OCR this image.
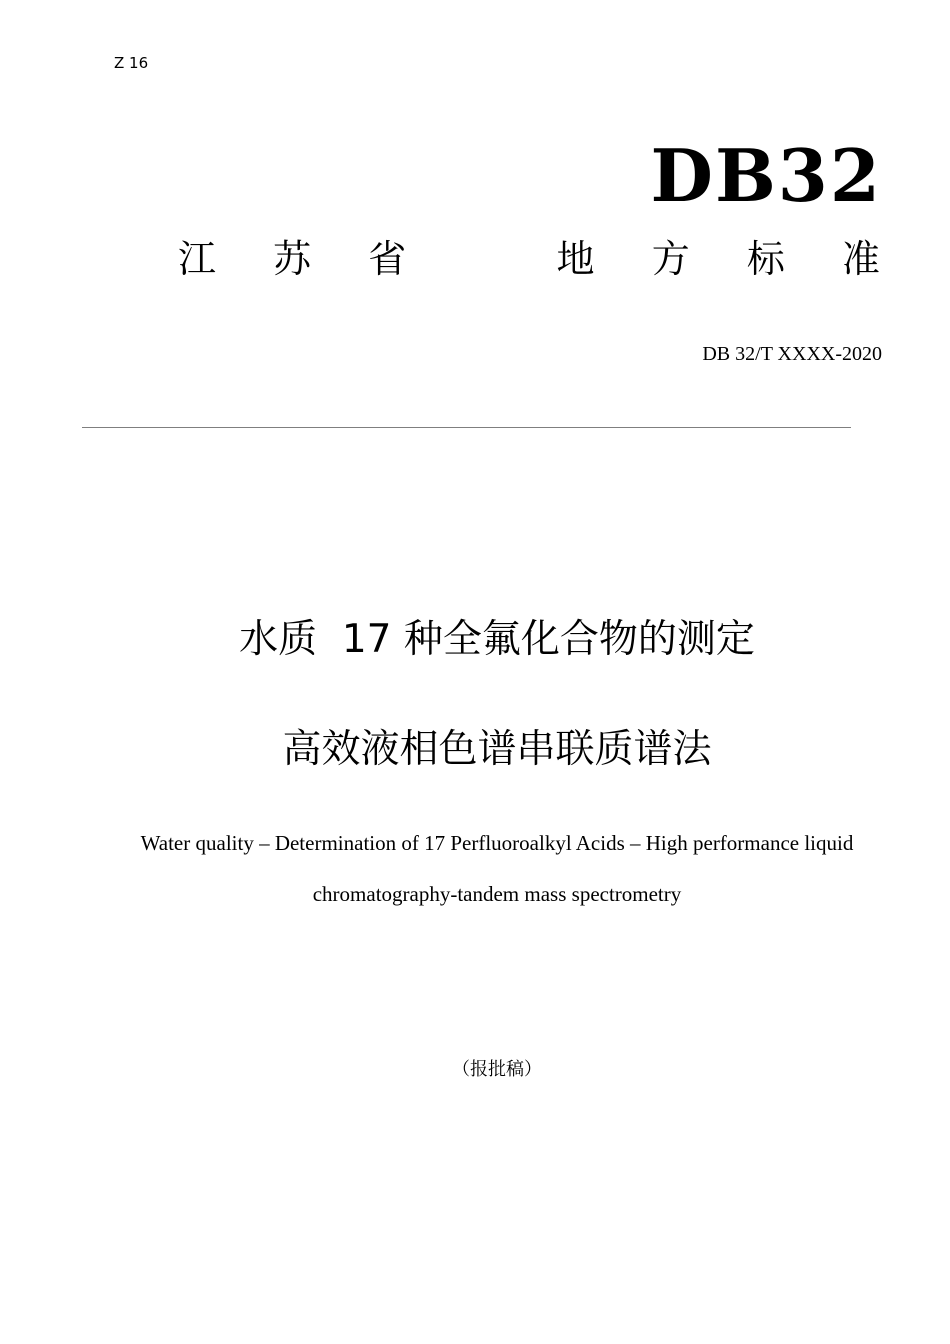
Z 16
DB32
江 苏 省	地 方 标 准
DB 32/T XXXX-2020
水质  17 种全氟化合物的测定
高效液相色谱串联质谱法
Water quality – Determination of 17 Perfluoroalkyl Acids – High performance liquid
chromatography-tandem mass spectrometry
（报批稿）
